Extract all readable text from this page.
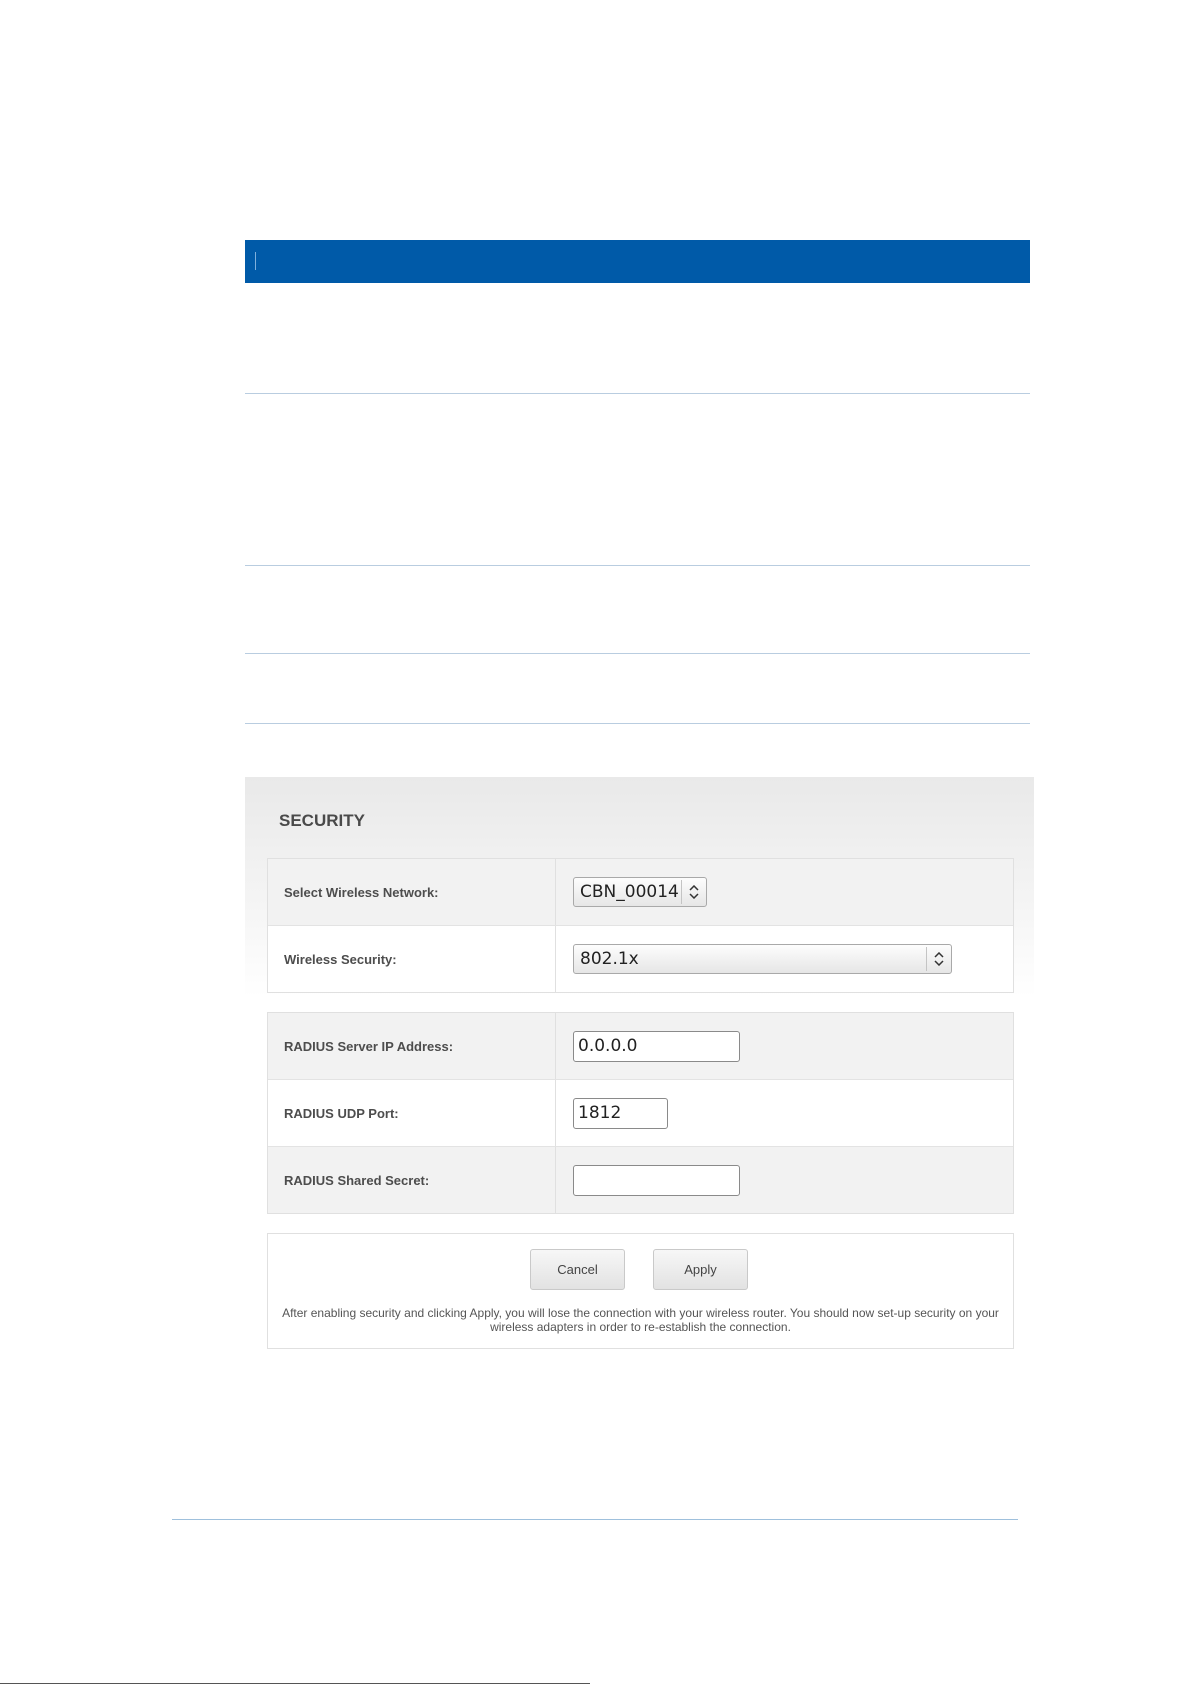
SECURITY
Select Wireless Network:	CBN_00014
Wireless Security:	802.1x
RADIUS Server IP Address:	0.0.0.0
RADIUS UDP Port:	1812
RADIUS Shared Secret:
Cancel	Apply
After enabling security and clicking Apply, you will lose the connection with your wireless router. You should now set-up security on your wireless adapters in order to re-establish the connection.
